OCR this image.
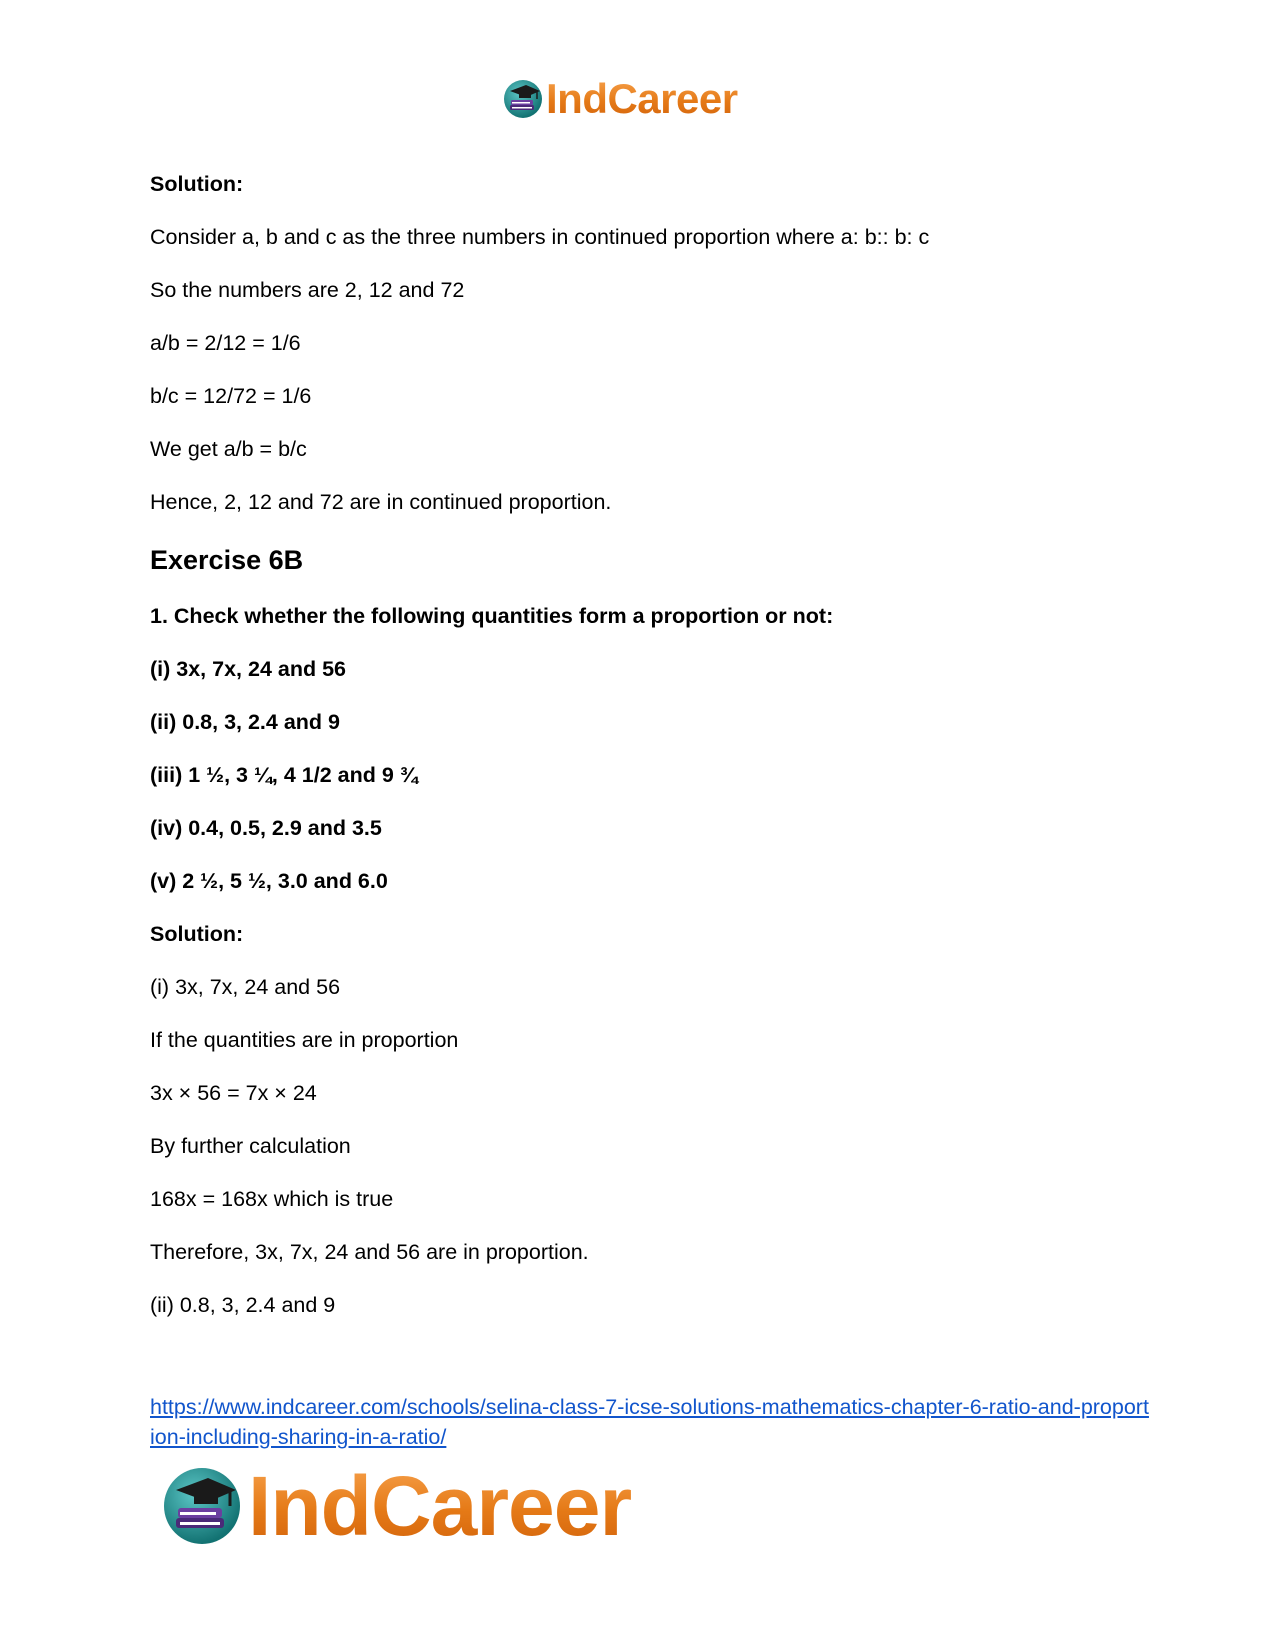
IndCareer
Solution:
Consider a, b and c as the three numbers in continued proportion where a: b:: b: c
So the numbers are 2, 12 and 72
a/b = 2/12 = 1/6
b/c = 12/72 = 1/6
We get a/b = b/c
Hence, 2, 12 and 72 are in continued proportion.
Exercise 6B
1. Check whether the following quantities form a proportion or not:
(i) 3x, 7x, 24 and 56
(ii) 0.8, 3, 2.4 and 9
(iii) 1 ½, 3 ¼, 4 1/2 and 9 ¾
(iv) 0.4, 0.5, 2.9 and 3.5
(v) 2 ½, 5 ½, 3.0 and 6.0
Solution:
(i) 3x, 7x, 24 and 56
If the quantities are in proportion
3x × 56 = 7x × 24
By further calculation
168x = 168x which is true
Therefore, 3x, 7x, 24 and 56 are in proportion.
(ii) 0.8, 3, 2.4 and 9
https://www.indcareer.com/schools/selina-class-7-icse-solutions-mathematics-chapter-6-ratio-and-proportion-including-sharing-in-a-ratio/
IndCareer
